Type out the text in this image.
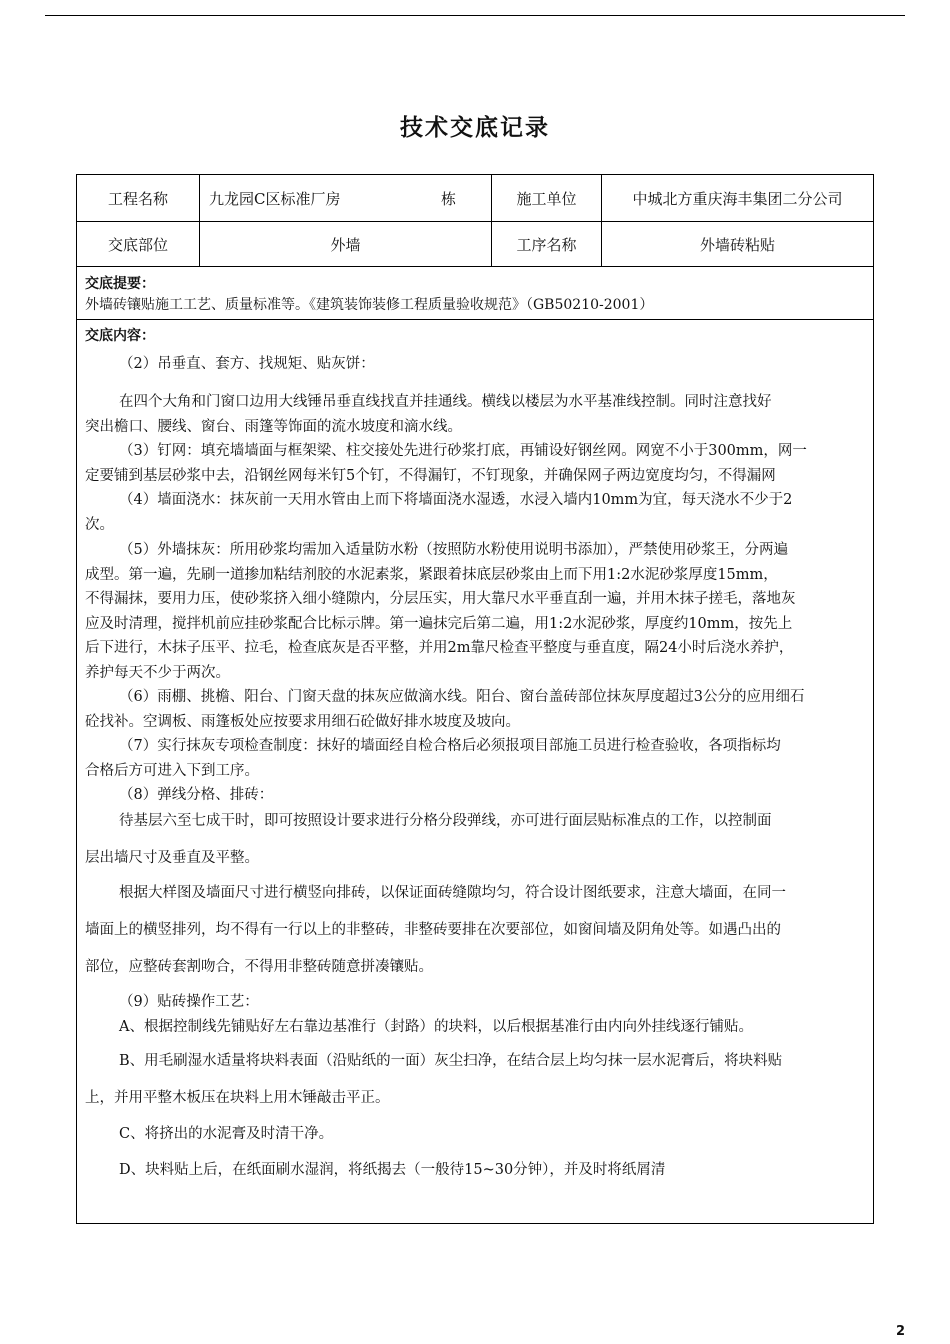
技术交底记录
工程名称	九龙园C区标准厂房	栋	施工单位	中城北方重庆海丰集团二分公司
交底部位	外墙	工序名称	外墙砖粘贴
交底提要：
外墙砖镶贴施工工艺、质量标准等。《建筑装饰装修工程质量验收规范》（GB50210-2001）
交底内容：
（2）吊垂直、套方、找规矩、贴灰饼：
在四个大角和门窗口边用大线锤吊垂直线找直并挂通线。横线以楼层为水平基准线控制。同时注意找好
突出檐口、腰线、窗台、雨篷等饰面的流水坡度和滴水线。
（3）钉网：填充墙墙面与框架梁、柱交接处先进行砂浆打底，再铺设好钢丝网。网宽不小于300mm，网一
定要铺到基层砂浆中去，沿钢丝网每米钉5个钉，不得漏钉，不钉现象，并确保网子两边宽度均匀，不得漏网
（4）墙面浇水：抹灰前一天用水管由上而下将墙面浇水湿透，水浸入墙内10mm为宜，每天浇水不少于2
次。
（5）外墙抹灰：所用砂浆均需加入适量防水粉（按照防水粉使用说明书添加），严禁使用砂浆王，分两遍
成型。第一遍，先刷一道掺加粘结剂胶的水泥素浆，紧跟着抹底层砂浆由上而下用1:2水泥砂浆厚度15mm，
不得漏抹，要用力压，使砂浆挤入细小缝隙内，分层压实，用大靠尺水平垂直刮一遍，并用木抹子搓毛，落地灰
应及时清理，搅拌机前应挂砂浆配合比标示牌。第一遍抹完后第二遍，用1:2水泥砂浆，厚度约10mm，按先上
后下进行，木抹子压平、拉毛，检查底灰是否平整，并用2m靠尺检查平整度与垂直度，隔24小时后浇水养护，
养护每天不少于两次。
（6）雨棚、挑檐、阳台、门窗天盘的抹灰应做滴水线。阳台、窗台盖砖部位抹灰厚度超过3公分的应用细石
砼找补。空调板、雨篷板处应按要求用细石砼做好排水坡度及坡向。
（7）实行抹灰专项检查制度：抹好的墙面经自检合格后必须报项目部施工员进行检查验收，各项指标均
合格后方可进入下到工序。
（8）弹线分格、排砖：
待基层六至七成干时，即可按照设计要求进行分格分段弹线，亦可进行面层贴标准点的工作，以控制面
层出墙尺寸及垂直及平整。
根据大样图及墙面尺寸进行横竖向排砖，以保证面砖缝隙均匀，符合设计图纸要求，注意大墙面，在同一
墙面上的横竖排列，均不得有一行以上的非整砖，非整砖要排在次要部位，如窗间墙及阴角处等。如遇凸出的
部位，应整砖套割吻合，不得用非整砖随意拼凑镶贴。
（9）贴砖操作工艺：
A、根据控制线先铺贴好左右靠边基准行（封路）的块料，以后根据基准行由内向外挂线逐行铺贴。
B、用毛刷湿水适量将块料表面（沿贴纸的一面）灰尘扫净，在结合层上均匀抹一层水泥膏后，将块料贴
上，并用平整木板压在块料上用木锤敲击平正。
C、将挤出的水泥膏及时清干净。
D、块料贴上后，在纸面刷水湿润，将纸揭去（一般待15~30分钟），并及时将纸屑清
2
